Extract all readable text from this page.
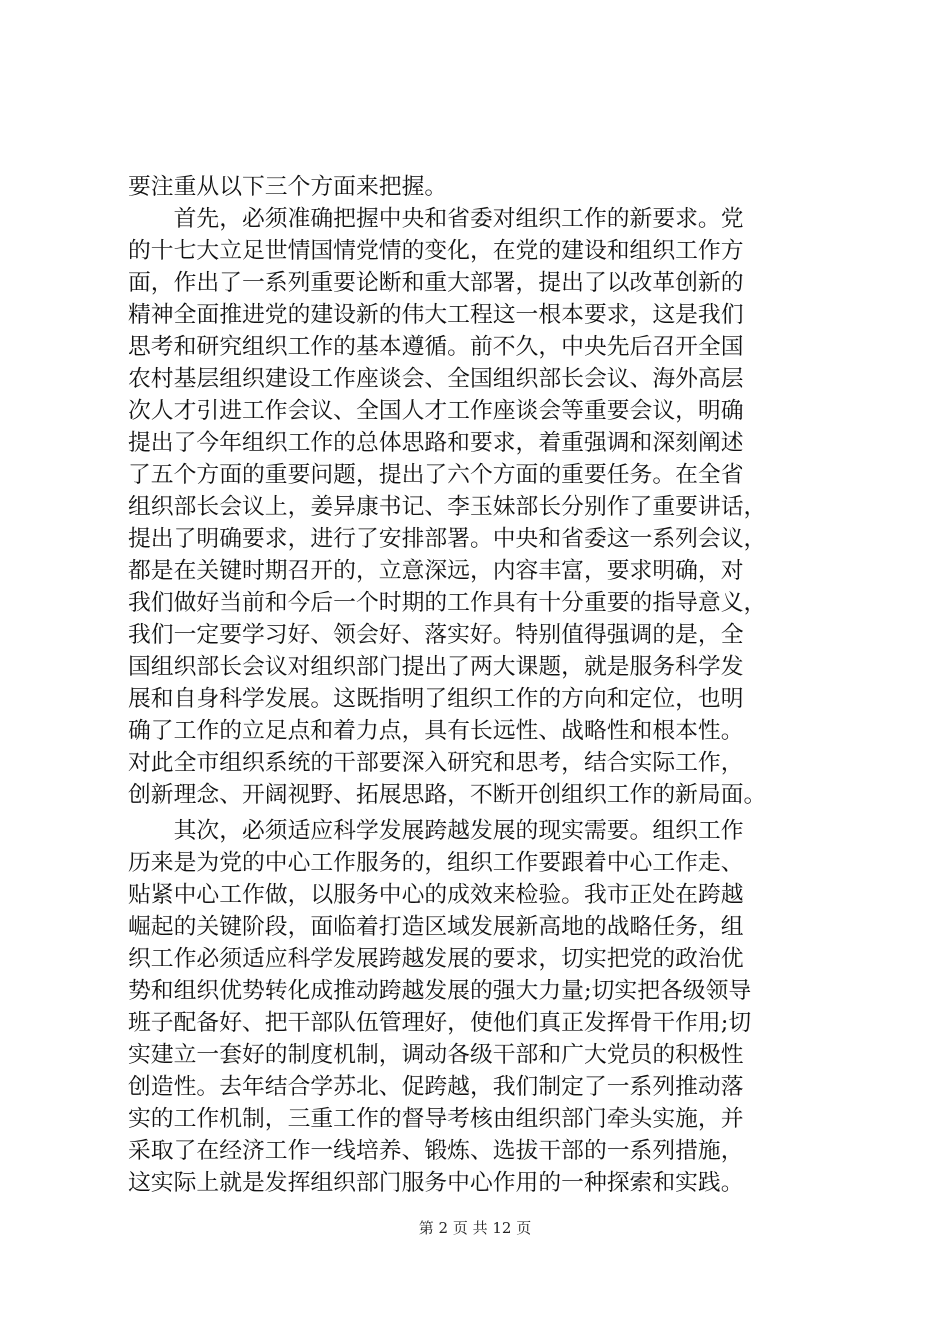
要注重从以下三个方面来把握。
　　首先，必须准确把握中央和省委对组织工作的新要求。党
的十七大立足世情国情党情的变化，在党的建设和组织工作方
面，作出了一系列重要论断和重大部署，提出了以改革创新的
精神全面推进党的建设新的伟大工程这一根本要求，这是我们
思考和研究组织工作的基本遵循。前不久，中央先后召开全国
农村基层组织建设工作座谈会、全国组织部长会议、海外高层
次人才引进工作会议、全国人才工作座谈会等重要会议，明确
提出了今年组织工作的总体思路和要求，着重强调和深刻阐述
了五个方面的重要问题，提出了六个方面的重要任务。在全省
组织部长会议上，姜异康书记、李玉妹部长分别作了重要讲话，
提出了明确要求，进行了安排部署。中央和省委这一系列会议，
都是在关键时期召开的，立意深远，内容丰富，要求明确，对
我们做好当前和今后一个时期的工作具有十分重要的指导意义，
我们一定要学习好、领会好、落实好。特别值得强调的是，全
国组织部长会议对组织部门提出了两大课题，就是服务科学发
展和自身科学发展。这既指明了组织工作的方向和定位，也明
确了工作的立足点和着力点，具有长远性、战略性和根本性。
对此全市组织系统的干部要深入研究和思考，结合实际工作，
创新理念、开阔视野、拓展思路，不断开创组织工作的新局面。
　　其次，必须适应科学发展跨越发展的现实需要。组织工作
历来是为党的中心工作服务的，组织工作要跟着中心工作走、
贴紧中心工作做，以服务中心的成效来检验。我市正处在跨越
崛起的关键阶段，面临着打造区域发展新高地的战略任务，组
织工作必须适应科学发展跨越发展的要求，切实把党的政治优
势和组织优势转化成推动跨越发展的强大力量;切实把各级领导
班子配备好、把干部队伍管理好，使他们真正发挥骨干作用;切
实建立一套好的制度机制，调动各级干部和广大党员的积极性
创造性。去年结合学苏北、促跨越，我们制定了一系列推动落
实的工作机制，三重工作的督导考核由组织部门牵头实施，并
采取了在经济工作一线培养、锻炼、选拔干部的一系列措施，
这实际上就是发挥组织部门服务中心作用的一种探索和实践。
第 2 页 共 12 页
